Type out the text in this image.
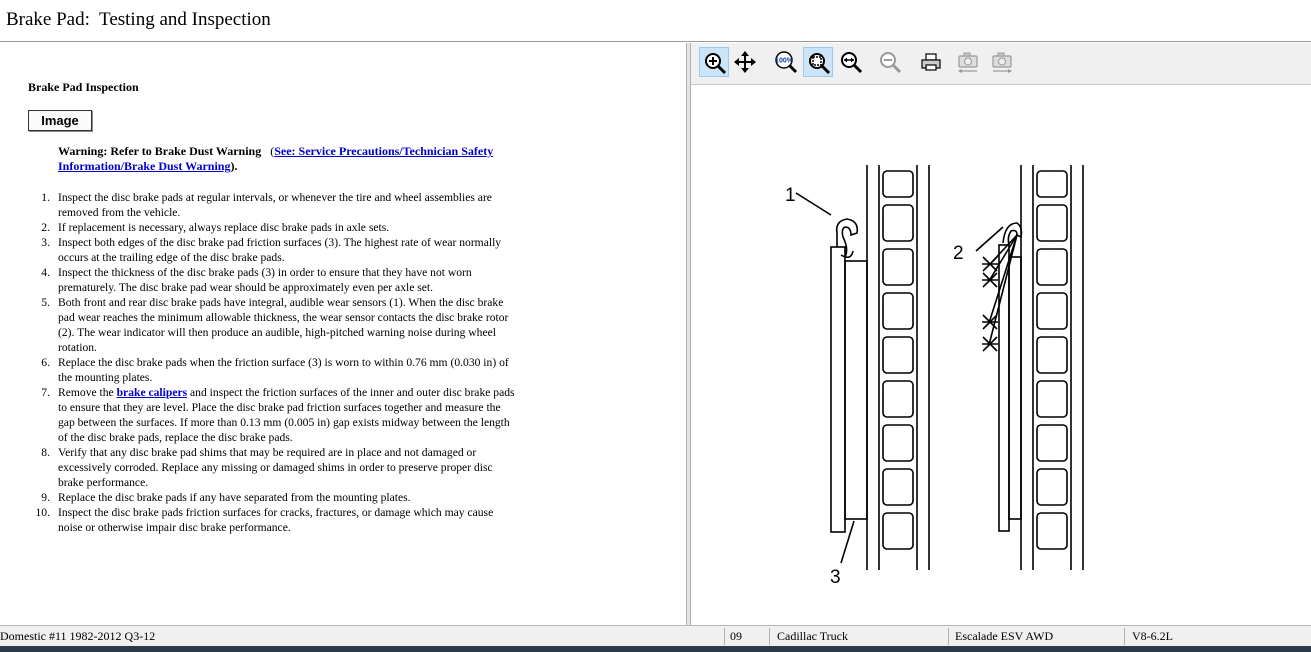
Brake Pad:  Testing and Inspection
Brake Pad Inspection
Image
Warning: Refer to Brake Dust Warning (See: Service Precautions/Technician Safety Information/Brake Dust Warning).
1. Inspect the disc brake pads at regular intervals, or whenever the tire and wheel assemblies are removed from the vehicle.
2. If replacement is necessary, always replace disc brake pads in axle sets.
3. Inspect both edges of the disc brake pad friction surfaces (3). The highest rate of wear normally occurs at the trailing edge of the disc brake pads.
4. Inspect the thickness of the disc brake pads (3) in order to ensure that they have not worn prematurely. The disc brake pad wear should be approximately even per axle set.
5. Both front and rear disc brake pads have integral, audible wear sensors (1). When the disc brake pad wear reaches the minimum allowable thickness, the wear sensor contacts the disc brake rotor (2). The wear indicator will then produce an audible, high-pitched warning noise during wheel rotation.
6. Replace the disc brake pads when the friction surface (3) is worn to within 0.76 mm (0.030 in) of the mounting plates.
7. Remove the brake calipers and inspect the friction surfaces of the inner and outer disc brake pads to ensure that they are level. Place the disc brake pad friction surfaces together and measure the gap between the surfaces. If more than 0.13 mm (0.005 in) gap exists midway between the length of the disc brake pads, replace the disc brake pads.
8. Verify that any disc brake pad shims that may be required are in place and not damaged or excessively corroded. Replace any missing or damaged shims in order to preserve proper disc brake performance.
9. Replace the disc brake pads if any have separated from the mounting plates.
10. Inspect the disc brake pads friction surfaces for cracks, fractures, or damage which may cause noise or otherwise impair disc brake performance.
100%
1
2
3
Domestic #11 1982-2012 Q3-12	09	Cadillac Truck	Escalade ESV AWD	V8-6.2L
